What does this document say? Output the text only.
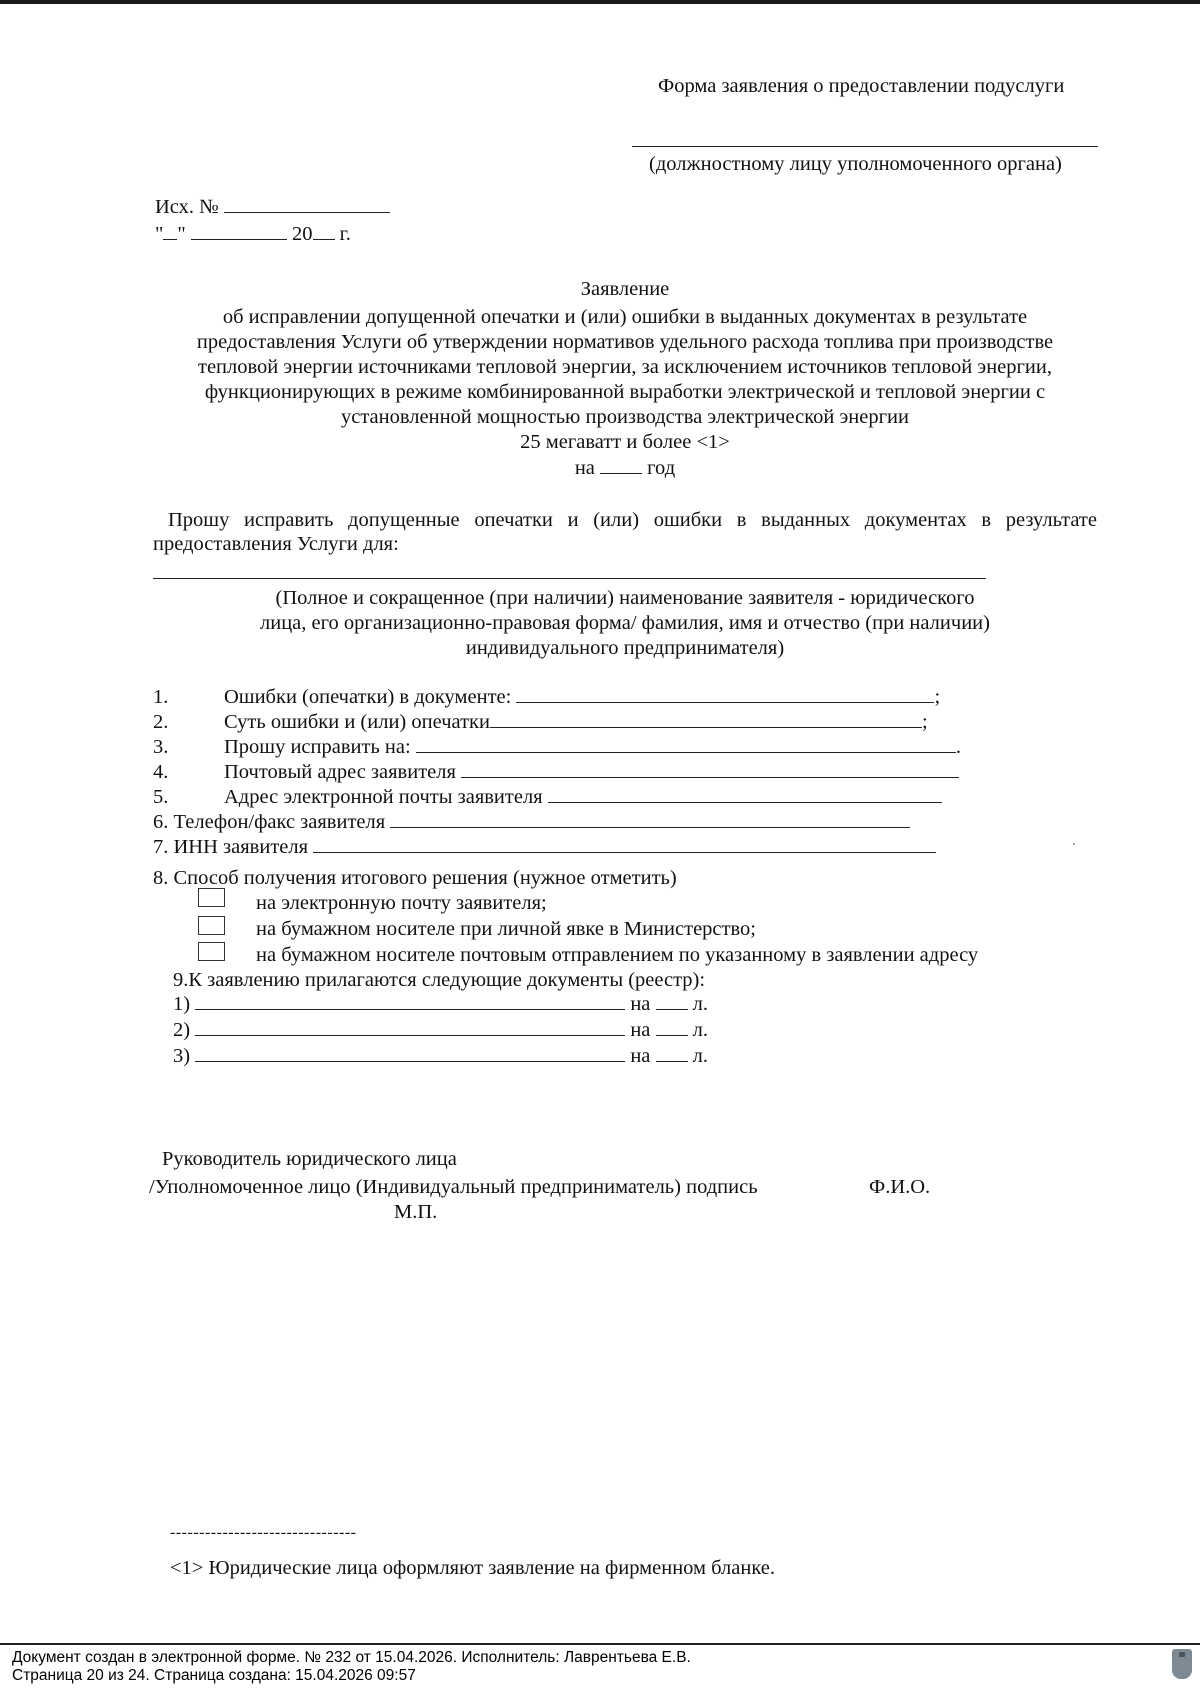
Форма заявления о предоставлении подуслуги
(должностному лицу уполномоченного органа)
Исх. №
" "	20 г.
Заявление
об исправлении допущенной опечатки и (или) ошибки в выданных документах в результате
предоставления Услуги об утверждении нормативов удельного расхода топлива при производстве
тепловой энергии источниками тепловой энергии, за исключением источников тепловой энергии,
функционирующих в режиме комбинированной выработки электрической и тепловой энергии с
установленной мощностью производства электрической энергии
25 мегаватт и более <1>
на	год
Прошу исправить допущенные опечатки и (или) ошибки в выданных документах в результате
предоставления Услуги для:
(Полное и сокращенное (при наличии) наименование заявителя - юридического
лица, его организационно-правовая форма/ фамилия, имя и отчество (при наличии)
индивидуального предпринимателя)
1.	Ошибки (опечатки) в документе:	;
2.	Суть ошибки и (или) опечатки	;
3.	Прошу исправить на:	.
4.	Почтовый адрес заявителя
5.	Адрес электронной почты заявителя
6. Телефон/факс заявителя
7. ИНН заявителя
8. Способ получения итогового решения (нужное отметить)
на электронную почту заявителя;
на бумажном носителе при личной явке в Министерство;
на бумажном носителе почтовым отправлением по указанному в заявлении адресу
9.К заявлению прилагаются следующие документы (реестр):
1)	на л.
2)	на л.
3)	на л.
Руководитель юридического лица
/Уполномоченное лицо (Индивидуальный предприниматель) подпись	Ф.И.О.
М.П.
--------------------------------
<1> Юридические лица оформляют заявление на фирменном бланке.
Документ создан в электронной форме. № 232 от 15.04.2026. Исполнитель: Лаврентьева Е.В.
Страница 20 из 24. Страница создана: 15.04.2026 09:57
